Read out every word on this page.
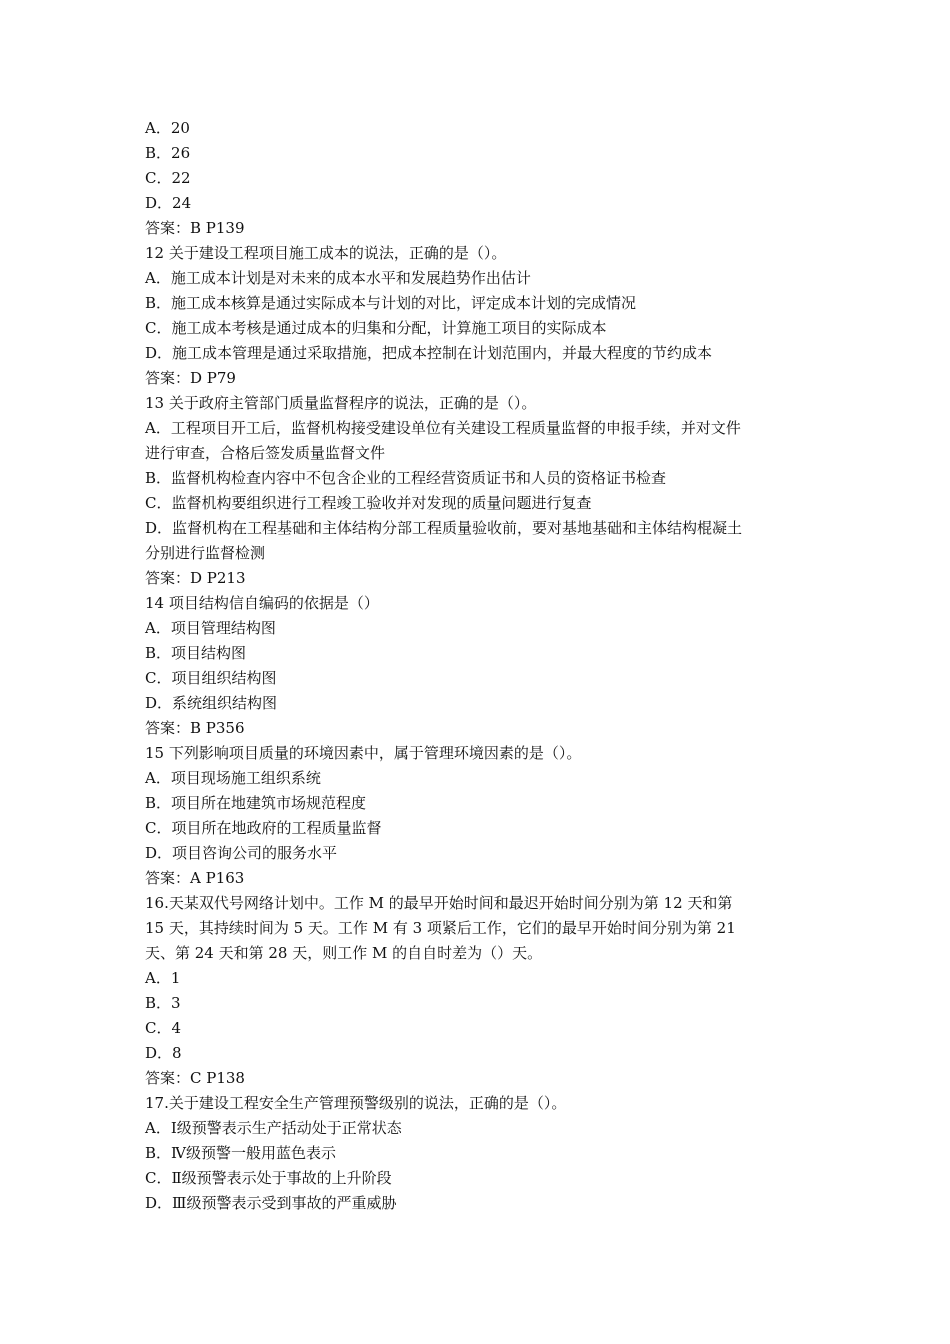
A．20
B．26
C．22
D．24
答案：B P139
12 关于建设工程项目施工成本的说法，正确的是（）。
A．施工成本计划是对未来的成本水平和发展趋势作出估计
B．施工成本核算是通过实际成本与计划的对比，评定成本计划的完成情况
C．施工成本考核是通过成本的归集和分配，计算施工项目的实际成本
D．施工成本管理是通过采取措施，把成本控制在计划范围内，并最大程度的节约成本
答案：D P79
13 关于政府主管部门质量监督程序的说法，正确的是（）。
A．工程项目开工后，监督机构接受建设单位有关建设工程质量监督的申报手续，并对文件
进行审查，合格后签发质量监督文件
B．监督机构检查内容中不包含企业的工程经营资质证书和人员的资格证书检查
C．监督机构要组织进行工程竣工验收并对发现的质量问题进行复查
D．监督机构在工程基础和主体结构分部工程质量验收前，要对基地基础和主体结构棍凝土
分别进行监督检测
答案：D P213
14 项目结构信自编码的依据是（）
A．项目管理结构图
B．项目结构图
C．项目组织结构图
D．系统组织结构图
答案：B P356
15 下列影响项目质量的环境因素中，属于管理环境因素的是（）。
A．项目现场施工组织系统
B．项目所在地建筑市场规范程度
C．项目所在地政府的工程质量监督
D．项目咨询公司的服务水平
答案：A P163
16.天某双代号网络计划中。工作 M 的最早开始时间和最迟开始时间分别为第 12 天和第
15 天，其持续时间为 5 天。工作 M 有 3 项紧后工作，它们的最早开始时间分别为第 21
天、第 24 天和第 28 天，则工作 M 的自自时差为（）天。
A．1
B．3
C．4
D．8
答案：C P138
17.关于建设工程安全生产管理预警级别的说法，正确的是（）。
A．Ⅰ级预警表示生产括动处于正常状态
B．Ⅳ级预警一般用蓝色表示
C．Ⅱ级预警表示处于事故的上升阶段
D．Ⅲ级预警表示受到事故的严重威胁
